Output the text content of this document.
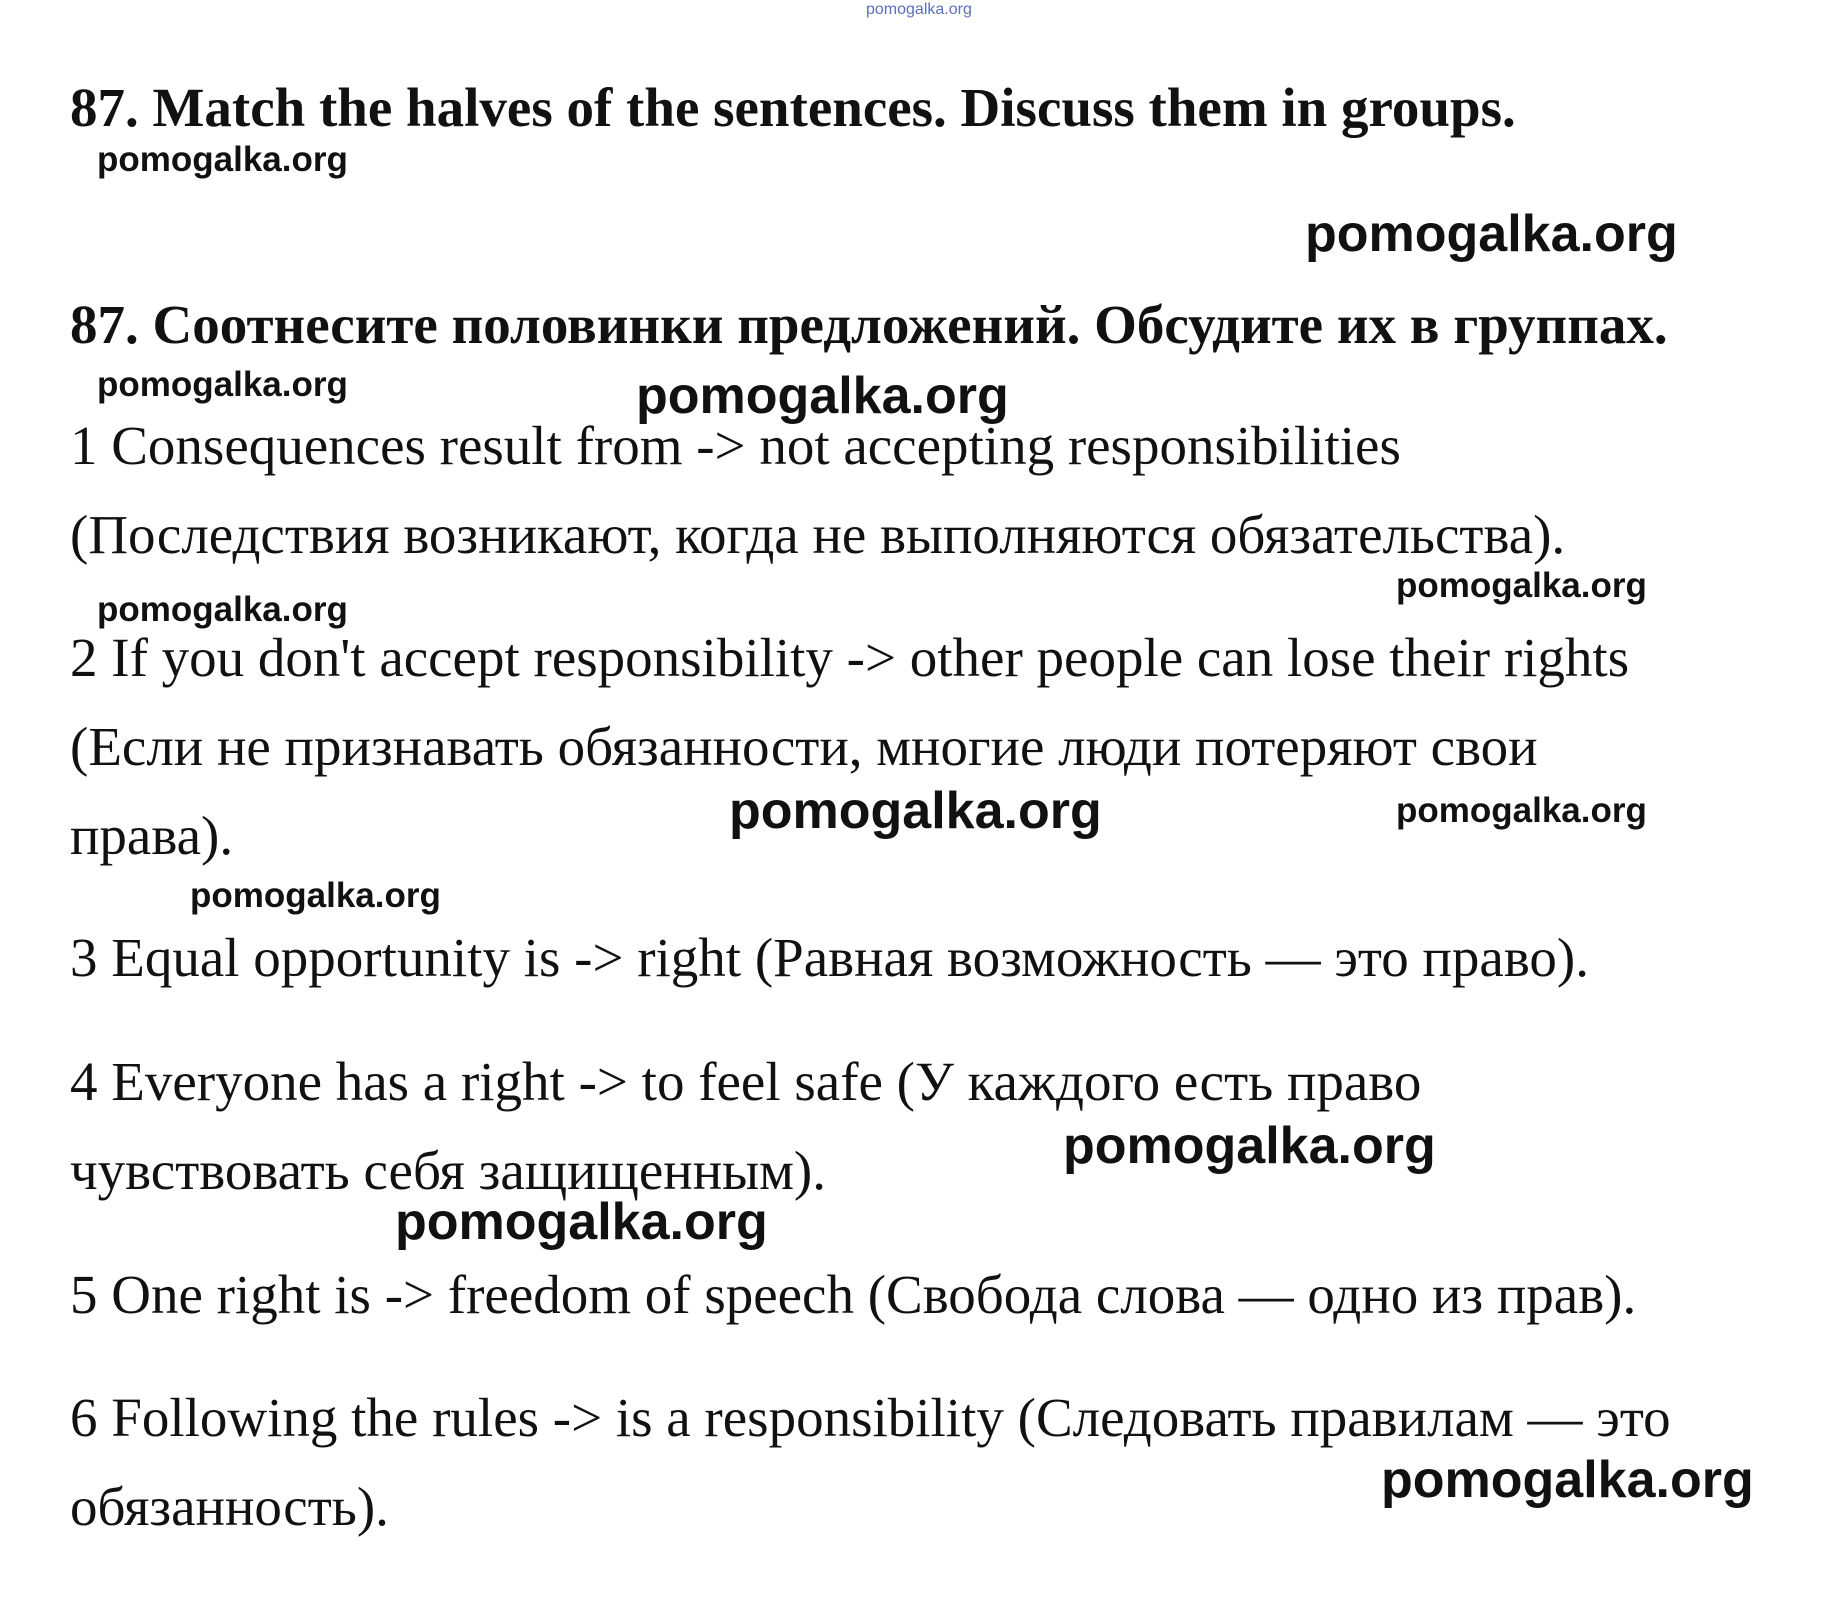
pomogalka.org
87. Match the halves of the sentences. Discuss them in groups.
pomogalka.org
pomogalka.org
87. Соотнесите половинки предложений. Обсудите их в группах.
pomogalka.org	pomogalka.org
1 Consequences result from -> not accepting responsibilities
(Последствия возникают, когда не выполняются обязательства).
pomogalka.org
pomogalka.org
2 If you don't accept responsibility -> other people can lose their rights
(Если не признавать обязанности, многие люди потеряют свои
права).	pomogalka.org	pomogalka.org
pomogalka.org
3 Equal opportunity is -> right (Равная возможность — это право).
4 Everyone has a right -> to feel safe (У каждого есть право
pomogalka.org
чувствовать себя защищенным).
pomogalka.org
5 One right is -> freedom of speech (Свобода слова — одно из прав).
6 Following the rules -> is a responsibility (Следовать правилам — это
pomogalka.org
обязанность).
pomogalka.org
